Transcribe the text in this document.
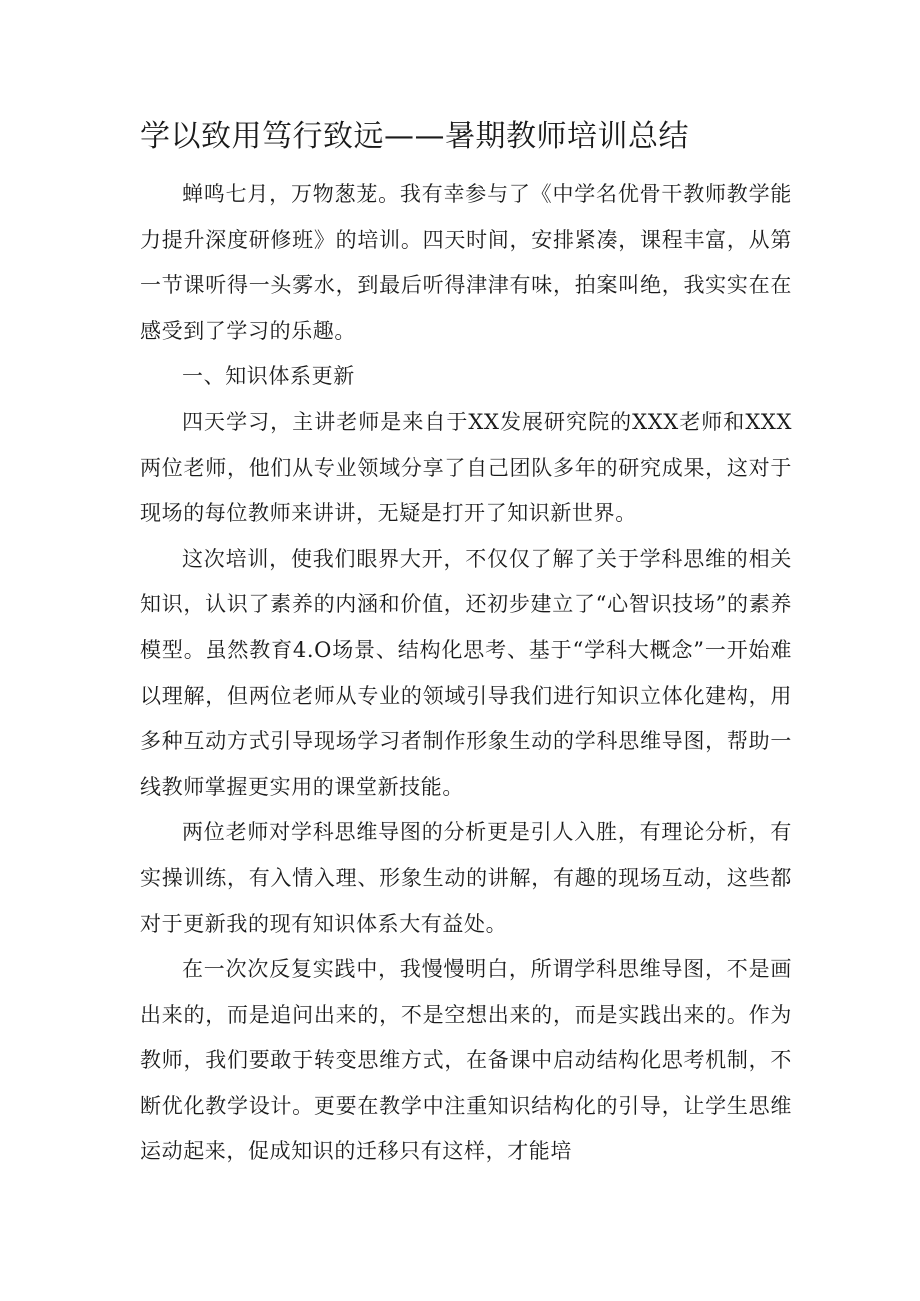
学以致用笃行致远——暑期教师培训总结

蝉鸣七月，万物葱茏。我有幸参与了《中学名优骨干教师教学能力提升深度研修班》的培训。四天时间，安排紧凑，课程丰富，从第一节课听得一头雾水，到最后听得津津有味，拍案叫绝，我实实在在感受到了学习的乐趣。

一、知识体系更新

四天学习，主讲老师是来自于XX发展研究院的XXX老师和XXX两位老师，他们从专业领域分享了自己团队多年的研究成果，这对于现场的每位教师来讲讲，无疑是打开了知识新世界。

这次培训，使我们眼界大开，不仅仅了解了关于学科思维的相关知识，认识了素养的内涵和价值，还初步建立了“心智识技场”的素养模型。虽然教育4.O场景、结构化思考、基于“学科大概念”一开始难以理解，但两位老师从专业的领域引导我们进行知识立体化建构，用多种互动方式引导现场学习者制作形象生动的学科思维导图，帮助一线教师掌握更实用的课堂新技能。

两位老师对学科思维导图的分析更是引人入胜，有理论分析，有实操训练，有入情入理、形象生动的讲解，有趣的现场互动，这些都对于更新我的现有知识体系大有益处。

在一次次反复实践中，我慢慢明白，所谓学科思维导图，不是画出来的，而是追问出来的，不是空想出来的，而是实践出来的。作为教师，我们要敢于转变思维方式，在备课中启动结构化思考机制，不断优化教学设计。更要在教学中注重知识结构化的引导，让学生思维运动起来，促成知识的迁移只有这样，才能培
